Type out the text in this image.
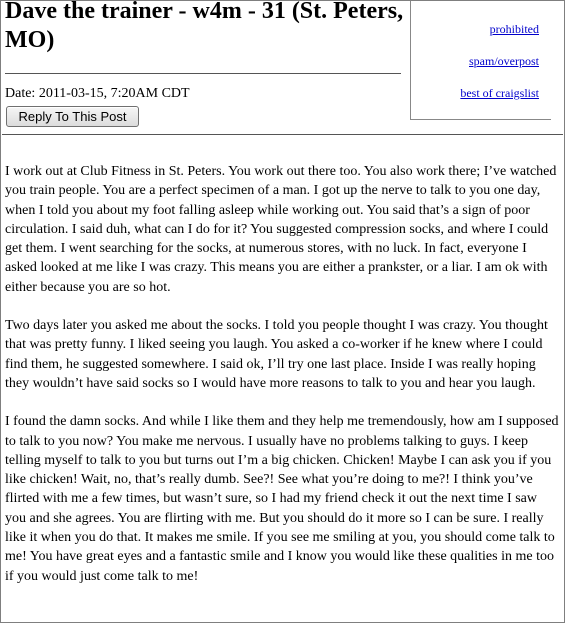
Dave the trainer - w4m - 31 (St. Peters, MO)	prohibited
spam/overpost
best of craigslist
Date: 2011-03-15, 7:20AM CDT
Reply To This Post

I work out at Club Fitness in St. Peters. You work out there too. You also work there; I’ve watched you train people. You are a perfect specimen of a man. I got up the nerve to talk to you one day, when I told you about my foot falling asleep while working out. You said that’s a sign of poor circulation. I said duh, what can I do for it? You suggested compression socks, and where I could get them. I went searching for the socks, at numerous stores, with no luck. In fact, everyone I asked looked at me like I was crazy. This means you are either a prankster, or a liar. I am ok with either because you are so hot.

Two days later you asked me about the socks. I told you people thought I was crazy. You thought that was pretty funny. I liked seeing you laugh. You asked a co-worker if he knew where I could find them, he suggested somewhere. I said ok, I’ll try one last place. Inside I was really hoping they wouldn’t have said socks so I would have more reasons to talk to you and hear you laugh.

I found the damn socks. And while I like them and they help me tremendously, how am I supposed to talk to you now? You make me nervous. I usually have no problems talking to guys. I keep telling myself to talk to you but turns out I’m a big chicken. Chicken! Maybe I can ask you if you like chicken! Wait, no, that’s really dumb. See?! See what you’re doing to me?! I think you’ve flirted with me a few times, but wasn’t sure, so I had my friend check it out the next time I saw you and she agrees. You are flirting with me. But you should do it more so I can be sure. I really like it when you do that. It makes me smile. If you see me smiling at you, you should come talk to me! You have great eyes and a fantastic smile and I know you would like these qualities in me too if you would just come talk to me!
